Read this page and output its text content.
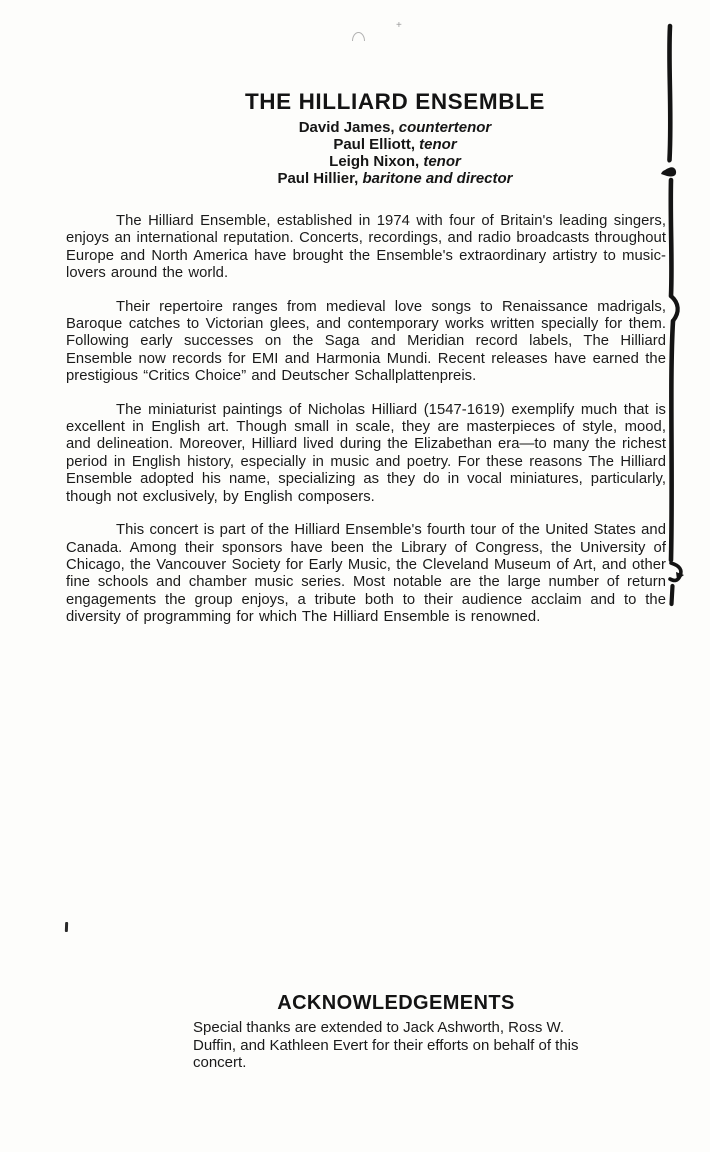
THE HILLIARD ENSEMBLE
David James, countertenor
Paul Elliott, tenor
Leigh Nixon, tenor
Paul Hillier, baritone and director

The Hilliard Ensemble, established in 1974 with four of Britain's leading singers, enjoys an international reputation. Concerts, recordings, and radio broadcasts throughout Europe and North America have brought the Ensemble's extraordinary artistry to music-lovers around the world.

Their repertoire ranges from medieval love songs to Renaissance madrigals, Baroque catches to Victorian glees, and contemporary works written specially for them. Following early successes on the Saga and Meridian record labels, The Hilliard Ensemble now records for EMI and Harmonia Mundi. Recent releases have earned the prestigious “Critics Choice” and Deutscher Schallplattenpreis.

The miniaturist paintings of Nicholas Hilliard (1547-1619) exemplify much that is excellent in English art. Though small in scale, they are masterpieces of style, mood, and delineation. Moreover, Hilliard lived during the Elizabethan era—to many the richest period in English history, especially in music and poetry. For these reasons The Hilliard Ensemble adopted his name, specializing as they do in vocal miniatures, particularly, though not exclusively, by English composers.

This concert is part of the Hilliard Ensemble's fourth tour of the United States and Canada. Among their sponsors have been the Library of Congress, the University of Chicago, the Vancouver Society for Early Music, the Cleveland Museum of Art, and other fine schools and chamber music series. Most notable are the large number of return engagements the group enjoys, a tribute both to their audience acclaim and to the diversity of programming for which The Hilliard Ensemble is renowned.

ACKNOWLEDGEMENTS
Special thanks are extended to Jack Ashworth, Ross W. Duffin, and Kathleen Evert for their efforts on behalf of this concert.
+
